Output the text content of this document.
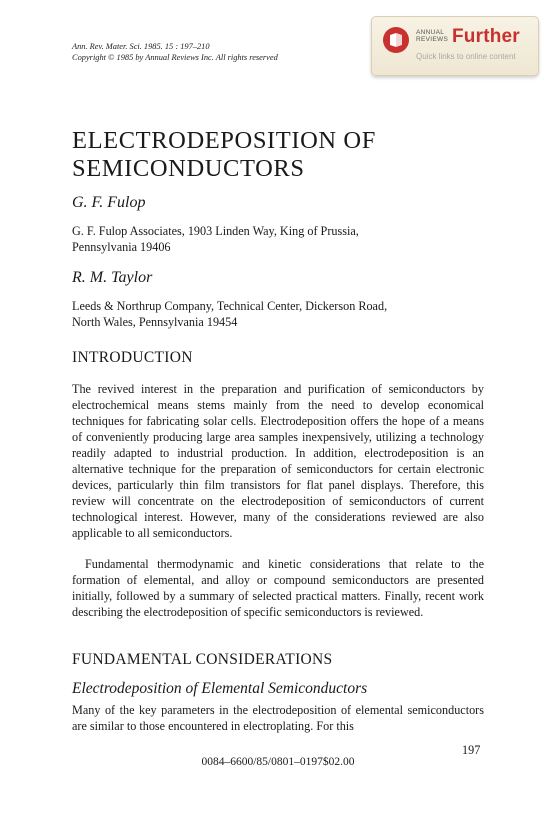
Ann. Rev. Mater. Sci. 1985. 15 : 197–210
Copyright © 1985 by Annual Reviews Inc. All rights reserved
ANNUAL
REVIEWS Further
Quick links to online content
ELECTRODEPOSITION OF
SEMICONDUCTORS
G. F. Fulop
G. F. Fulop Associates, 1903 Linden Way, King of Prussia,
Pennsylvania 19406
R. M. Taylor
Leeds & Northrup Company, Technical Center, Dickerson Road,
North Wales, Pennsylvania 19454
INTRODUCTION

The revived interest in the preparation and purification of semiconductors by electrochemical means stems mainly from the need to develop economical techniques for fabricating solar cells. Electrodeposition offers the hope of a means of conveniently producing large area samples inexpensively, utilizing a technology readily adapted to industrial production. In addition, electrodeposition is an alternative technique for the preparation of semiconductors for certain electronic devices, particularly thin film transistors for flat panel displays. Therefore, this review will concentrate on the electrodeposition of semiconductors of current technological interest. However, many of the considerations reviewed are also applicable to all semiconductors.

Fundamental thermodynamic and kinetic considerations that relate to the formation of elemental, and alloy or compound semiconductors are presented initially, followed by a summary of selected practical matters. Finally, recent work describing the electrodeposition of specific semiconductors is reviewed.

FUNDAMENTAL CONSIDERATIONS
Electrodeposition of Elemental Semiconductors

Many of the key parameters in the electrodeposition of elemental semiconductors are similar to those encountered in electroplating. For this

197
0084–6600/85/0801–0197$02.00
